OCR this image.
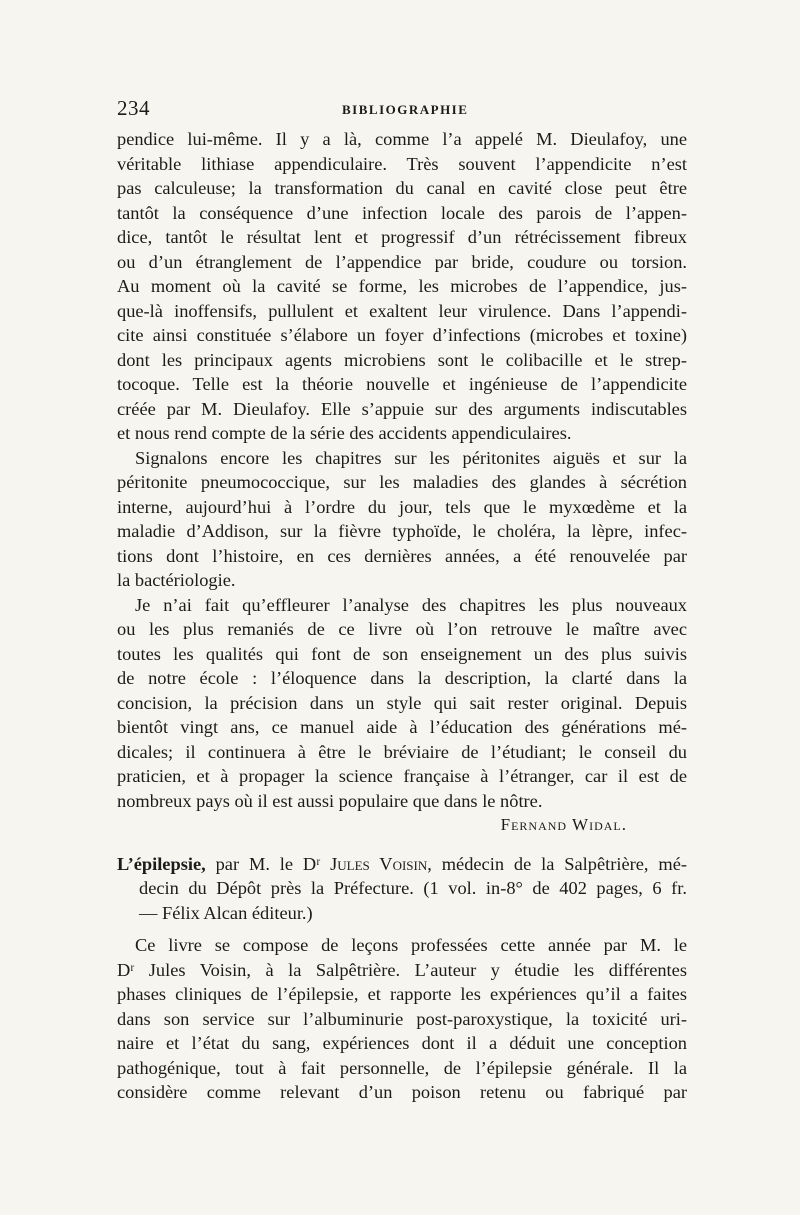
234	BIBLIOGRAPHIE
pendice lui-même. Il y a là, comme l’a appelé M. Dieulafoy, une
véritable lithiase appendiculaire. Très souvent l’appendicite n’est
pas calculeuse; la transformation du canal en cavité close peut être
tantôt la conséquence d’une infection locale des parois de l’appen-
dice, tantôt le résultat lent et progressif d’un rétrécissement fibreux
ou d’un étranglement de l’appendice par bride, coudure ou torsion.
Au moment où la cavité se forme, les microbes de l’appendice, jus-
que-là inoffensifs, pullulent et exaltent leur virulence. Dans l’appendi-
cite ainsi constituée s’élabore un foyer d’infections (microbes et toxine)
dont les principaux agents microbiens sont le colibacille et le strep-
tocoque. Telle est la théorie nouvelle et ingénieuse de l’appendicite
créée par M. Dieulafoy. Elle s’appuie sur des arguments indiscutables
et nous rend compte de la série des accidents appendiculaires.
Signalons encore les chapitres sur les péritonites aiguës et sur la
péritonite pneumococcique, sur les maladies des glandes à sécrétion
interne, aujourd’hui à l’ordre du jour, tels que le myxœdème et la
maladie d’Addison, sur la fièvre typhoïde, le choléra, la lèpre, infec-
tions dont l’histoire, en ces dernières années, a été renouvelée par
la bactériologie.
Je n’ai fait qu’effleurer l’analyse des chapitres les plus nouveaux
ou les plus remaniés de ce livre où l’on retrouve le maître avec
toutes les qualités qui font de son enseignement un des plus suivis
de notre école : l’éloquence dans la description, la clarté dans la
concision, la précision dans un style qui sait rester original. Depuis
bientôt vingt ans, ce manuel aide à l’éducation des générations mé-
dicales; il continuera à être le bréviaire de l’étudiant; le conseil du
praticien, et à propager la science française à l’étranger, car il est de
nombreux pays où il est aussi populaire que dans le nôtre.
Fernand Widal.
L’épilepsie, par M. le Dʳ Jules Voisin, médecin de la Salpêtrière, mé-
decin du Dépôt près la Préfecture. (1 vol. in-8° de 402 pages, 6 fr.
— Félix Alcan éditeur.)
Ce livre se compose de leçons professées cette année par M. le
Dʳ Jules Voisin, à la Salpêtrière. L’auteur y étudie les différentes
phases cliniques de l’épilepsie, et rapporte les expériences qu’il a faites
dans son service sur l’albuminurie post-paroxystique, la toxicité uri-
naire et l’état du sang, expériences dont il a déduit une conception
pathogénique, tout à fait personnelle, de l’épilepsie générale. Il la
considère comme relevant d’un poison retenu ou fabriqué par
